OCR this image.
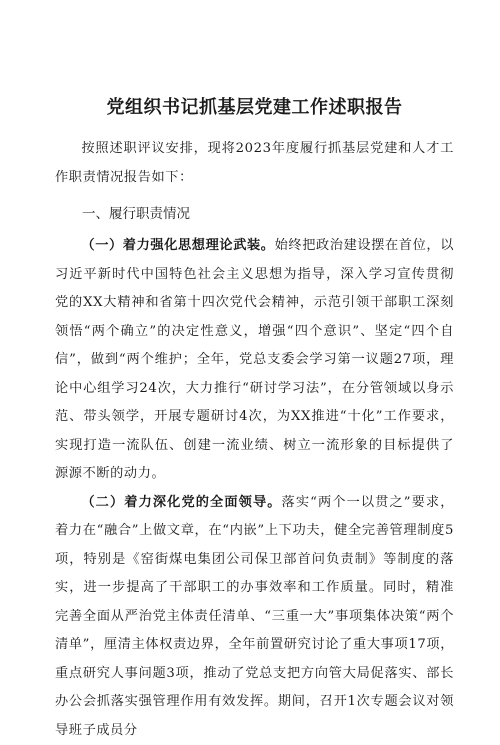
党组织书记抓基层党建工作述职报告

按照述职评议安排，现将2023年度履行抓基层党建和人才工作职责情况报告如下：

一、履行职责情况

（一）着力强化思想理论武装。始终把政治建设摆在首位，以习近平新时代中国特色社会主义思想为指导，深入学习宣传贯彻党的XX大精神和省第十四次党代会精神，示范引领干部职工深刻领悟“两个确立”的决定性意义，增强“四个意识”、坚定“四个自信”，做到“两个维护；全年，党总支委会学习第一议题27项，理论中心组学习24次，大力推行“研讨学习法”，在分管领域以身示范、带头领学，开展专题研讨4次，为XX推进“十化”工作要求，实现打造一流队伍、创建一流业绩、树立一流形象的目标提供了源源不断的动力。

（二）着力深化党的全面领导。落实“两个一以贯之”要求，着力在“融合”上做文章，在“内嵌”上下功夫，健全完善管理制度5项，特别是《窑街煤电集团公司保卫部首问负责制》等制度的落实，进一步提高了干部职工的办事效率和工作质量。同时，精准完善全面从严治党主体责任清单、“三重一大”事项集体决策“两个清单”，厘清主体权责边界，全年前置研究讨论了重大事项17项，重点研究人事问题3项，推动了党总支把方向管大局促落实、部长办公会抓落实强管理作用有效发挥。期间，召开1次专题会议对领导班子成员分
